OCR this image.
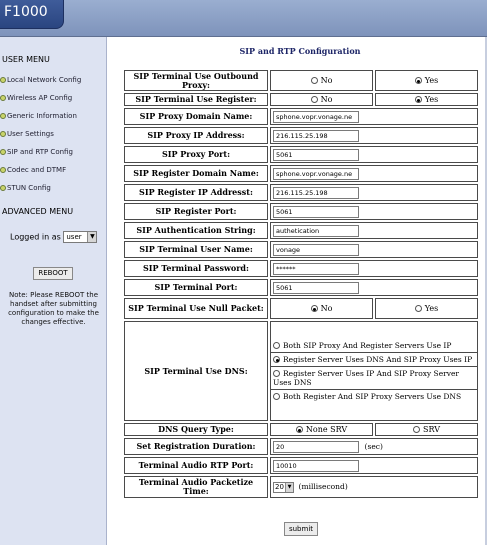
F1000
USER MENU
Local Network Config
Wireless AP Config
Generic Information
User Settings
SIP and RTP Config
Codec and DTMF
STUN Config
ADVANCED MENU
Logged in as user	▼
REBOOT
Note: Please REBOOT the handset after submitting configuration to make the changes effective.
SIP and RTP Configuration
SIP Terminal Use Outbound Proxy:	No	Yes
SIP Terminal Use Register:	No	Yes
SIP Proxy Domain Name:	sphone.vopr.vonage.ne	
SIP Proxy IP Address:	216.115.25.198	
SIP Proxy Port:	5061	
SIP Register Domain Name:	sphone.vopr.vonage.ne	
SIP Register IP Addresst:	216.115.25.198	
SIP Register Port:	5061	
SIP Authentication String:	authetication	
SIP Terminal User Name:	vonage	
SIP Terminal Password:	******	
SIP Terminal Port:	5061	
SIP Terminal Use Null Packet:	No	Yes
SIP Terminal Use DNS:	Both SIP Proxy And Register Servers Use IP
Register Server Uses DNS And SIP Proxy Uses IP
Register Server Uses IP And SIP Proxy Server Uses DNS
Both Register And SIP Proxy Servers Use DNS	

DNS Query Type:	None SRV	SRV
Set Registration Duration:	20 (sec)	
Terminal Audio RTP Port:	10010	
Terminal Audio Packetize Time:	20 ▼ (millisecond)	
submit
